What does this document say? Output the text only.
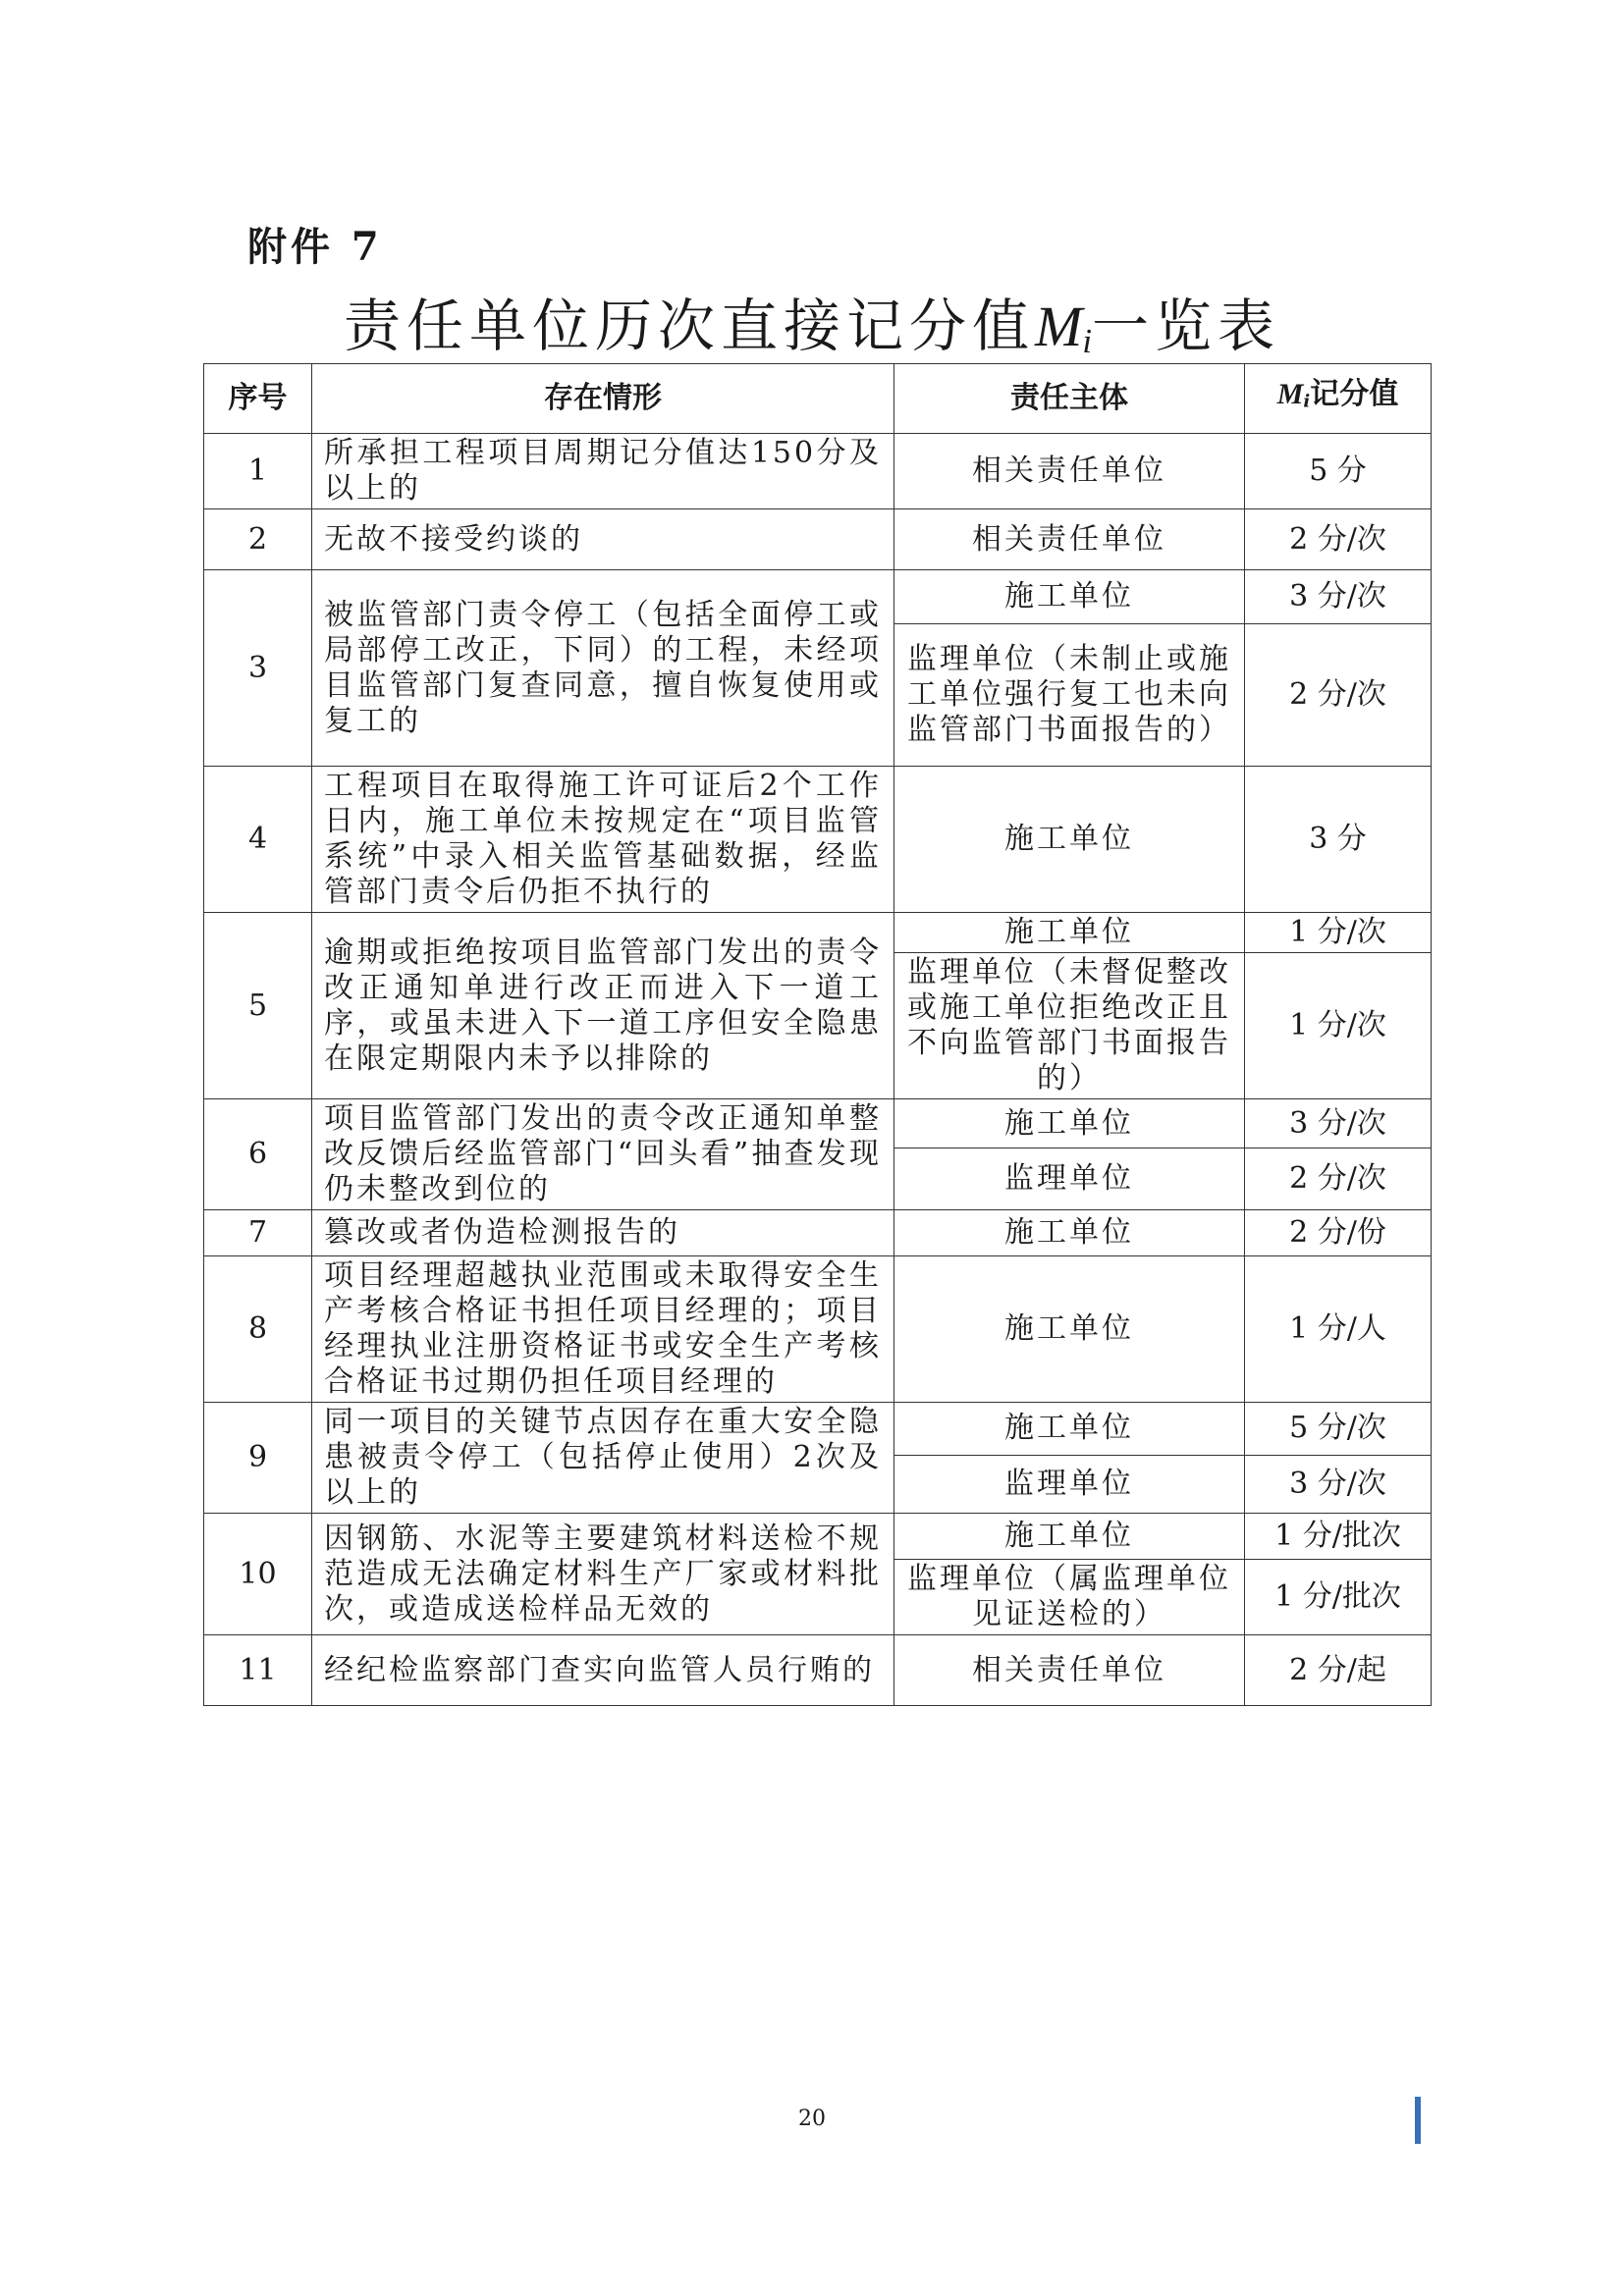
附件 7
责任单位历次直接记分值$M_i$一览表
序号	存在情形	责任主体	$M_i$记分值
1	所承担工程项目周期记分值达150分及以上的	相关责任单位	5 分
2	无故不接受约谈的	相关责任单位	2 分/次
3	被监管部门责令停工（包括全面停工或局部停工改正，下同）的工程，未经项目监管部门复查同意，擅自恢复使用或复工的	施工单位	3 分/次
		监理单位（未制止或施工单位强行复工也未向监管部门书面报告的）	2 分/次
4	工程项目在取得施工许可证后2个工作日内，施工单位未按规定在“项目监管系统”中录入相关监管基础数据，经监管部门责令后仍拒不执行的	施工单位	3 分
5	逾期或拒绝按项目监管部门发出的责令改正通知单进行改正而进入下一道工序，或虽未进入下一道工序但安全隐患在限定期限内未予以排除的	施工单位	1 分/次
		监理单位（未督促整改或施工单位拒绝改正且不向监管部门书面报告的）	1 分/次
6	项目监管部门发出的责令改正通知单整改反馈后经监管部门“回头看”抽查发现仍未整改到位的	施工单位	3 分/次
		监理单位	2 分/次
7	篡改或者伪造检测报告的	施工单位	2 分/份
8	项目经理超越执业范围或未取得安全生产考核合格证书担任项目经理的；项目经理执业注册资格证书或安全生产考核合格证书过期仍担任项目经理的	施工单位	1 分/人
9	同一项目的关键节点因存在重大安全隐患被责令停工（包括停止使用）2次及以上的	施工单位	5 分/次
		监理单位	3 分/次
10	因钢筋、水泥等主要建筑材料送检不规范造成无法确定材料生产厂家或材料批次，或造成送检样品无效的	施工单位	1 分/批次
		监理单位（属监理单位见证送检的）	1 分/批次
11	经纪检监察部门查实向监管人员行贿的	相关责任单位	2 分/起
20
